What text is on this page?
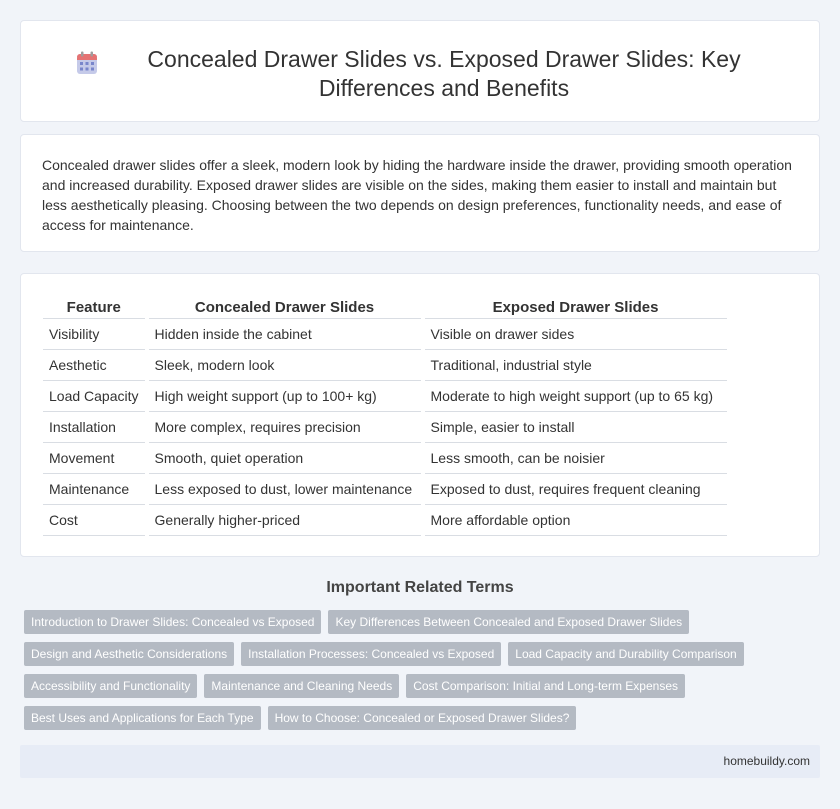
Concealed Drawer Slides vs. Exposed Drawer Slides: Key Differences and Benefits

Concealed drawer slides offer a sleek, modern look by hiding the hardware inside the drawer, providing smooth operation and increased durability. Exposed drawer slides are visible on the sides, making them easier to install and maintain but less aesthetically pleasing. Choosing between the two depends on design preferences, functionality needs, and ease of access for maintenance.

Feature		Concealed Drawer Slides		Exposed Drawer Slides
Visibility		Hidden inside the cabinet		Visible on drawer sides
Aesthetic		Sleek, modern look		Traditional, industrial style
Load Capacity		High weight support (up to 100+ kg)		Moderate to high weight support (up to 65 kg)
Installation		More complex, requires precision		Simple, easier to install
Movement		Smooth, quiet operation		Less smooth, can be noisier
Maintenance		Less exposed to dust, lower maintenance		Exposed to dust, requires frequent cleaning
Cost		Generally higher-priced		More affordable option
Important Related Terms
Introduction to Drawer Slides: Concealed vs Exposed	Key Differences Between Concealed and Exposed Drawer Slides
Design and Aesthetic Considerations	Installation Processes: Concealed vs Exposed	Load Capacity and Durability Comparison
Accessibility and Functionality	Maintenance and Cleaning Needs	Cost Comparison: Initial and Long-term Expenses
Best Uses and Applications for Each Type	How to Choose: Concealed or Exposed Drawer Slides?
homebuildy.com
